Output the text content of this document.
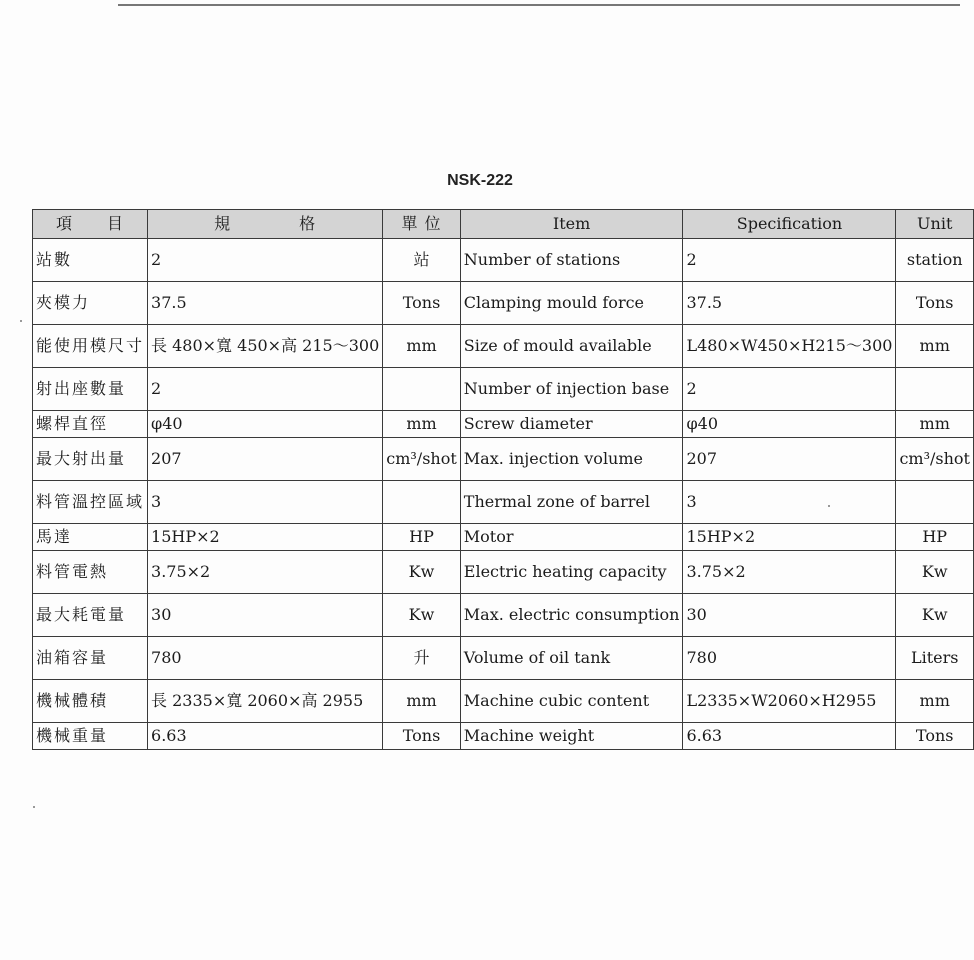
NSK-222
項　　目	規　　　　格	單 位	Item	Specification	Unit
站數	2	站	Number of stations	2	station
夾模力	37.5	Tons	Clamping mould force	37.5	Tons
能使用模尺寸	長 480×寬 450×高 215～300	mm	Size of mould available	L480×W450×H215～300	mm
射出座數量	2		Number of injection base	2	
螺桿直徑	φ40	mm	Screw diameter	φ40	mm
最大射出量	207	cm³/shot	Max. injection volume	207	cm³/shot
料管溫控區域	3		Thermal zone of barrel	3	
馬達	15HP×2	HP	Motor	15HP×2	HP
料管電熱	3.75×2	Kw	Electric heating capacity	3.75×2	Kw
最大耗電量	30	Kw	Max. electric consumption	30	Kw
油箱容量	780	升	Volume of oil tank	780	Liters
機械體積	長 2335×寬 2060×高 2955	mm	Machine cubic content	L2335×W2060×H2955	mm
機械重量	6.63	Tons	Machine weight	6.63	Tons
